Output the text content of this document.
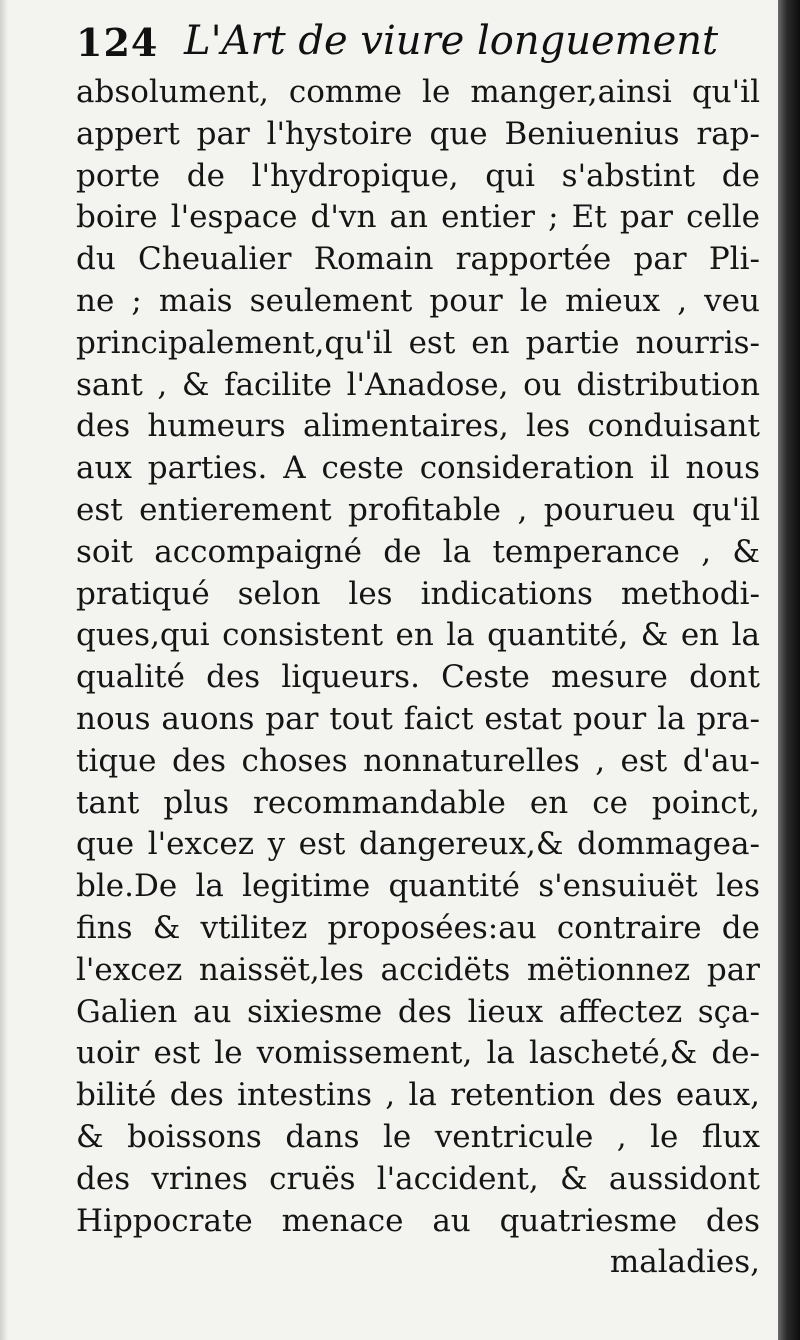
124 L'Art de viure longuement
absolument, comme le manger,ainsi qu'il
appert par l'hystoire que Beniuenius rap-
porte de l'hydropique, qui s'abstint de
boire l'espace d'vn an entier ; Et par celle
du Cheualier Romain rapportée par Pli-
ne ; mais seulement pour le mieux , veu
principalement,qu'il est en partie nourris-
sant , & facilite l'Anadose, ou distribution
des humeurs alimentaires, les conduisant
aux parties. A ceste consideration il nous
est entierement profitable , pourueu qu'il
soit accompaigné de la temperance , &
pratiqué selon les indications methodi-
ques,qui consistent en la quantité, & en la
qualité des liqueurs. Ceste mesure dont
nous auons par tout faict estat pour la pra-
tique des choses nonnaturelles , est d'au-
tant plus recommandable en ce poinct,
que l'excez y est dangereux,& dommagea-
ble.De la legitime quantité s'ensuiuët les
fins & vtilitez proposées:au contraire de
l'excez naissët,les accidëts mëtionnez par
Galien au sixiesme des lieux affectez sça-
uoir est le vomissement, la lascheté,& de-
bilité des intestins , la retention des eaux,
& boissons dans le ventricule , le flux
des vrines cruës l'accident, & aussidont
Hippocrate menace au quatriesme des
maladies,
